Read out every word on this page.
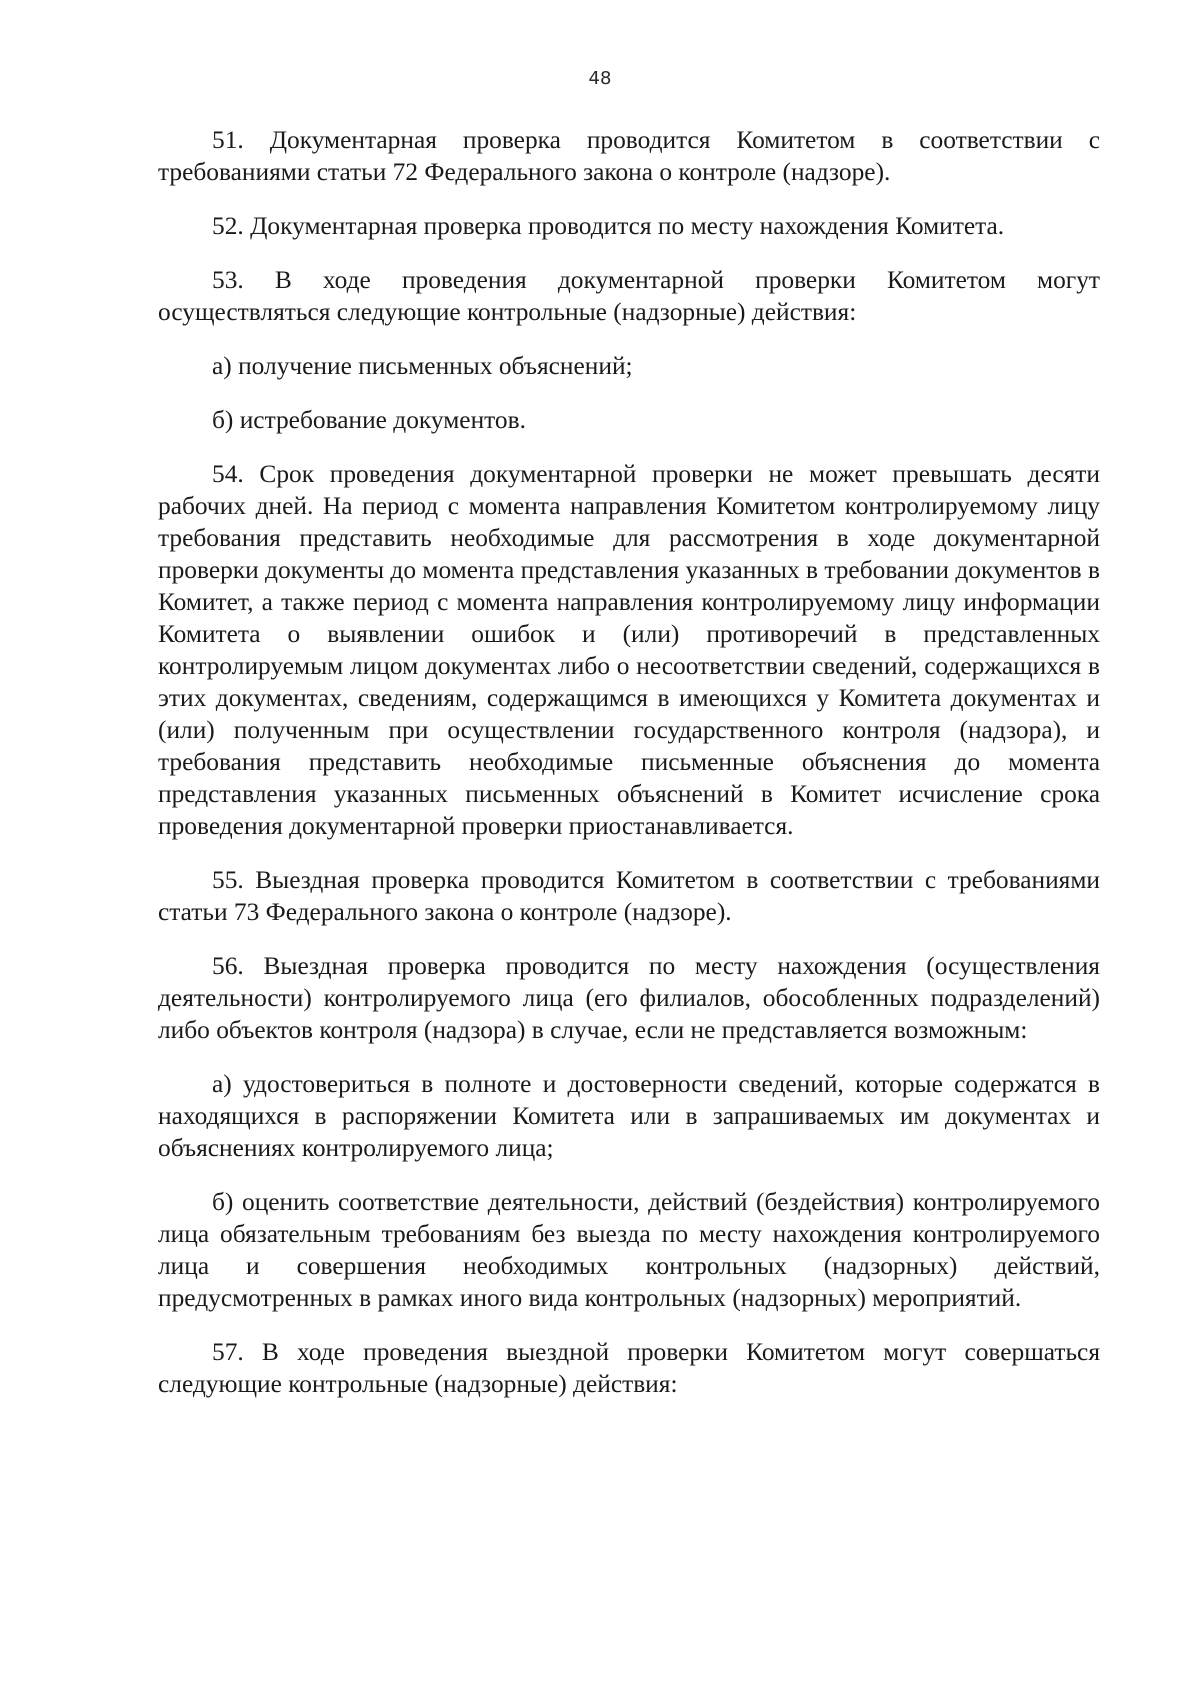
48

51. Документарная проверка проводится Комитетом в соответствии с требованиями статьи 72 Федерального закона о контроле (надзоре).

52. Документарная проверка проводится по месту нахождения Комитета.

53. В ходе проведения документарной проверки Комитетом могут осуществляться следующие контрольные (надзорные) действия:

а) получение письменных объяснений;

б) истребование документов.

54. Срок проведения документарной проверки не может превышать десяти рабочих дней. На период с момента направления Комитетом контролируемому лицу требования представить необходимые для рассмотрения в ходе документарной проверки документы до момента представления указанных в требовании документов в Комитет, а также период с момента направления контролируемому лицу информации Комитета о выявлении ошибок и (или) противоречий в представленных контролируемым лицом документах либо о несоответствии сведений, содержащихся в этих документах, сведениям, содержащимся в имеющихся у Комитета документах и (или) полученным при осуществлении государственного контроля (надзора), и требования представить необходимые письменные объяснения до момента представления указанных письменных объяснений в Комитет исчисление срока проведения документарной проверки приостанавливается.

55. Выездная проверка проводится Комитетом в соответствии с требованиями статьи 73 Федерального закона о контроле (надзоре).

56. Выездная проверка проводится по месту нахождения (осуществления деятельности) контролируемого лица (его филиалов, обособленных подразделений) либо объектов контроля (надзора) в случае, если не представляется возможным:

а) удостовериться в полноте и достоверности сведений, которые содержатся в находящихся в распоряжении Комитета или в запрашиваемых им документах и объяснениях контролируемого лица;

б) оценить соответствие деятельности, действий (бездействия) контролируемого лица обязательным требованиям без выезда по месту нахождения контролируемого лица и совершения необходимых контрольных (надзорных) действий, предусмотренных в рамках иного вида контрольных (надзорных) мероприятий.

57. В ходе проведения выездной проверки Комитетом могут совершаться следующие контрольные (надзорные) действия:
